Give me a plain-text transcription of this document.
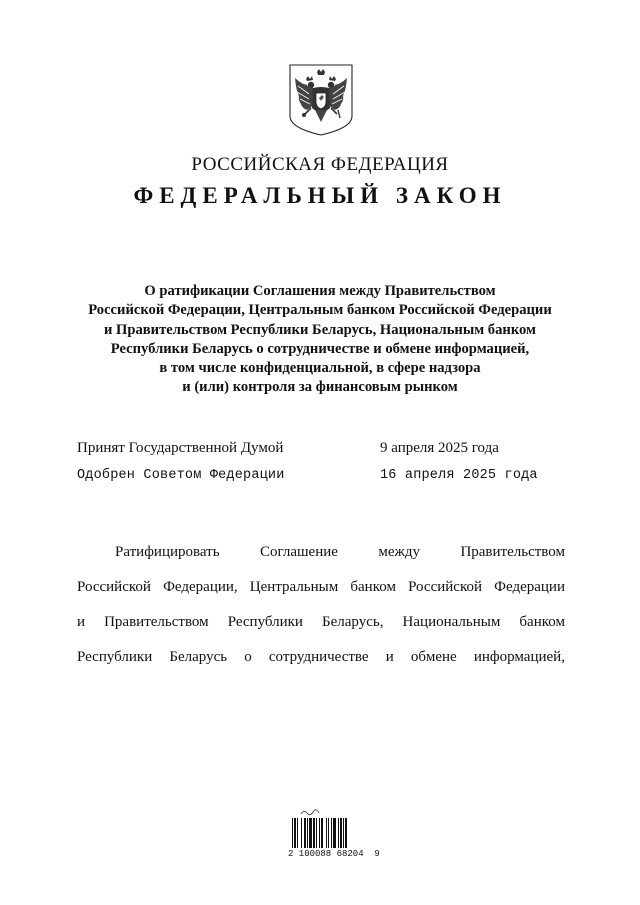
РОССИЙСКАЯ ФЕДЕРАЦИЯ
ФЕДЕРАЛЬНЫЙ ЗАКОН
О ратификации Соглашения между Правительством
Российской Федерации, Центральным банком Российской Федерации
и Правительством Республики Беларусь, Национальным банком
Республики Беларусь о сотрудничестве и обмене информацией,
в том числе конфиденциальной, в сфере надзора
и (или) контроля за финансовым рынком
Принят Государственной Думой	9 апреля 2025 года
Одобрен Советом Федерации	16 апреля 2025 года
Ратифицировать	Соглашение	между	Правительством
Российской Федерации, Центральным банком Российской Федерации
и Правительством Республики Беларусь, Национальным банком
Республики Беларусь о сотрудничестве и обмене информацией,
2 100088 68204  9
